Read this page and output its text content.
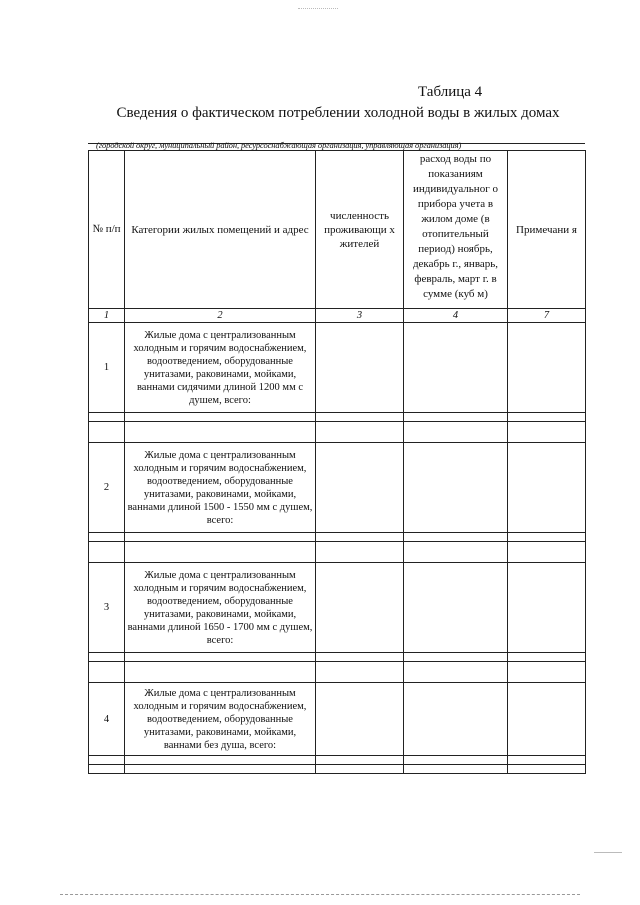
Таблица 4
Сведения о фактическом потреблении холодной воды в жилых домах
(городской округ, муниципальный район, ресурсоснабжающая организация, управляющая организация)
№ п/п	Категории жилых помещений и адрес	численность проживающи х жителей	расход воды по показаниям индивидуальног о прибора учета в жилом доме (в отопительный период) ноябрь, декабрь г., январь, февраль, март г. в сумме (куб м)	Примечани я
1	2	3	4	7
1	Жилые дома с централизованным холодным и горячим водоснабжением, водоотведением, оборудованные унитазами, раковинами, мойками, ваннами сидячими длиной 1200 мм с душем, всего:			

2	Жилые дома с централизованным холодным и горячим водоснабжением, водоотведением, оборудованные унитазами, раковинами, мойками, ваннами длиной 1500 - 1550 мм с душем, всего:			

3	Жилые дома с централизованным холодным и горячим водоснабжением, водоотведением, оборудованные унитазами, раковинами, мойками, ваннами длиной 1650 - 1700 мм с душем, всего:			

4	Жилые дома с централизованным холодным и горячим водоснабжением, водоотведением, оборудованные унитазами, раковинами, мойками, ваннами без душа, всего:			
